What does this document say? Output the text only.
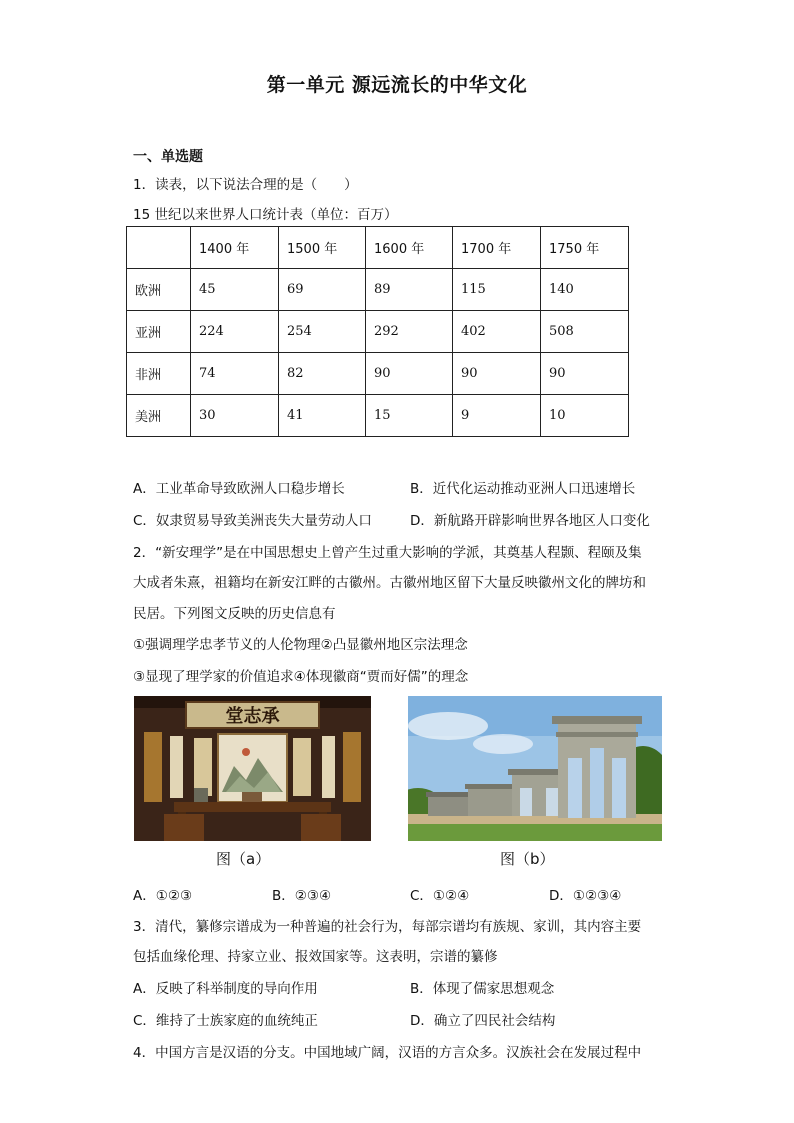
第一单元 源远流长的中华文化
一、单选题
1．读表，以下说法合理的是（　　）
15 世纪以来世界人口统计表（单位：百万）
	1400 年	1500 年	1600 年	1700 年	1750 年
欧洲	45	69	89	115	140
亚洲	224	254	292	402	508
非洲	74	82	90	90	90
美洲	30	41	15	9	10
A．工业革命导致欧洲人口稳步增长	B．近代化运动推动亚洲人口迅速增长
C．奴隶贸易导致美洲丧失大量劳动人口	D．新航路开辟影响世界各地区人口变化
2．“新安理学”是在中国思想史上曾产生过重大影响的学派，其奠基人程颢、程颐及集
大成者朱熹，祖籍均在新安江畔的古徽州。古徽州地区留下大量反映徽州文化的牌坊和
民居。下列图文反映的历史信息有
①强调理学忠孝节义的人伦物理②凸显徽州地区宗法理念
③显现了理学家的价值追求④体现徽商“贾而好儒”的理念
堂志承
图（a）	图（b）
A．①②③	B．②③④	C．①②④	D．①②③④
3．清代，纂修宗谱成为一种普遍的社会行为，每部宗谱均有族规、家训，其内容主要
包括血缘伦理、持家立业、报效国家等。这表明，宗谱的纂修
A．反映了科举制度的导向作用	B．体现了儒家思想观念
C．维持了士族家庭的血统纯正	D．确立了四民社会结构
4．中国方言是汉语的分支。中国地域广阔，汉语的方言众多。汉族社会在发展过程中
